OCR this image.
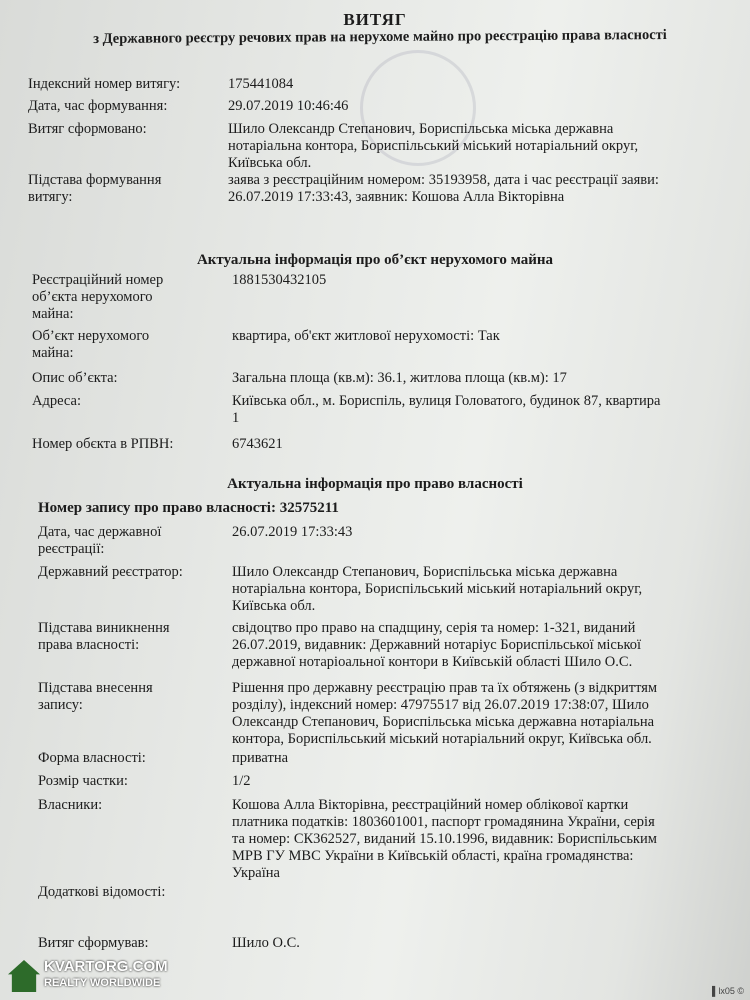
ВИТЯГ
з Державного реєстру речових прав на нерухоме майно про реєстрацію права власності
Індексний номер витягу:	175441084
Дата, час формування:	29.07.2019 10:46:46
Витяг сформовано:	Шило Олександр Степанович, Бориспільська міська державна
нотаріальна контора, Бориспільський міський нотаріальний округ,
Київська обл.
Підстава формування
витягу:
заява з реєстраційним номером: 35193958, дата і час реєстрації заяви:
26.07.2019 17:33:43, заявник: Кошова Алла Вікторівна
Актуальна інформація про об’єкт нерухомого майна
Реєстраційний номер
об’єкта нерухомого
майна:
1881530432105
Об’єкт нерухомого
майна:
квартира, об'єкт житлової нерухомості: Так
Опис об’єкта:	Загальна площа (кв.м): 36.1, житлова площа (кв.м): 17
Адреса:	Київська обл., м. Бориспіль, вулиця Головатого, будинок 87, квартира
1
Номер обєкта в РПВН:	6743621
Актуальна інформація про право власності
Номер запису про право власності: 32575211
Дата, час державної
реєстрації:
26.07.2019 17:33:43
Державний реєстратор:	Шило Олександр Степанович, Бориспільська міська державна
нотаріальна контора, Бориспільський міський нотаріальний округ,
Київська обл.
Підстава виникнення
права власності:
свідоцтво про право на спадщину, серія та номер: 1-321, виданий
26.07.2019, видавник: Державний нотаріус Бориспільської міської
державної нотаріоальної контори в Київській області Шило О.С.
Підстава внесення
запису:
Рішення про державну реєстрацію прав та їх обтяжень (з відкриттям
розділу), індексний номер: 47975517 від 26.07.2019 17:38:07, Шило
Олександр Степанович, Бориспільська міська державна нотаріальна
контора, Бориспільський міський нотаріальний округ, Київська обл.
Форма власності:	приватна
Розмір частки:	1/2
Власники:	Кошова Алла Вікторівна, реєстраційний номер облікової картки
платника податків: 1803601001, паспорт громадянина України, серія
та номер: СК362527, виданий 15.10.1996, видавник: Бориспільським
МРВ ГУ МВС України в Київській області, країна громадянства:
Україна
Додаткові відомості:
Витяг сформував:	Шило О.С.
KVARTORG.COM
REALTY WORLDWIDE
▌lx05 ©
